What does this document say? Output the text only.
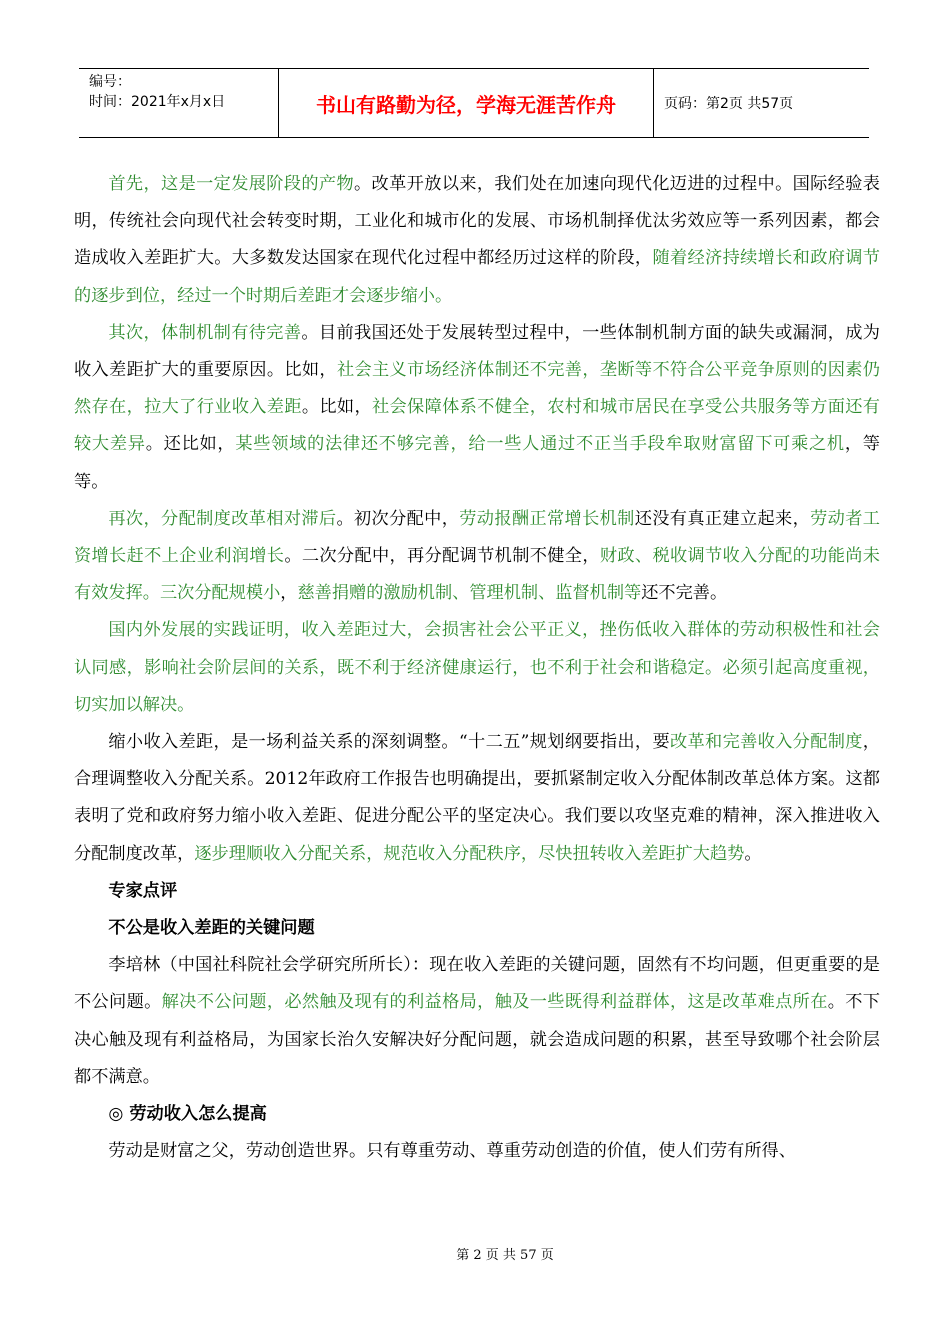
编号：
时间：2021年x月x日	书山有路勤为径，学海无涯苦作舟	页码：第2页 共57页

首先，这是一定发展阶段的产物。改革开放以来，我们处在加速向现代化迈进的过程中。国际经验表明，传统社会向现代社会转变时期，工业化和城市化的发展、市场机制择优汰劣效应等一系列因素，都会造成收入差距扩大。大多数发达国家在现代化过程中都经历过这样的阶段，随着经济持续增长和政府调节的逐步到位，经过一个时期后差距才会逐步缩小。

其次，体制机制有待完善。目前我国还处于发展转型过程中，一些体制机制方面的缺失或漏洞，成为收入差距扩大的重要原因。比如，社会主义市场经济体制还不完善，垄断等不符合公平竞争原则的因素仍然存在，拉大了行业收入差距。比如，社会保障体系不健全，农村和城市居民在享受公共服务等方面还有较大差异。还比如，某些领域的法律还不够完善，给一些人通过不正当手段牟取财富留下可乘之机，等等。

再次，分配制度改革相对滞后。初次分配中，劳动报酬正常增长机制还没有真正建立起来，劳动者工资增长赶不上企业利润增长。二次分配中，再分配调节机制不健全，财政、税收调节收入分配的功能尚未有效发挥。三次分配规模小，慈善捐赠的激励机制、管理机制、监督机制等还不完善。

国内外发展的实践证明，收入差距过大，会损害社会公平正义，挫伤低收入群体的劳动积极性和社会认同感，影响社会阶层间的关系，既不利于经济健康运行，也不利于社会和谐稳定。必须引起高度重视，切实加以解决。

缩小收入差距，是一场利益关系的深刻调整。“十二五”规划纲要指出，要改革和完善收入分配制度，合理调整收入分配关系。2012年政府工作报告也明确提出，要抓紧制定收入分配体制改革总体方案。这都表明了党和政府努力缩小收入差距、促进分配公平的坚定决心。我们要以攻坚克难的精神，深入推进收入分配制度改革，逐步理顺收入分配关系，规范收入分配秩序，尽快扭转收入差距扩大趋势。

专家点评

不公是收入差距的关键问题

李培林（中国社科院社会学研究所所长）：现在收入差距的关键问题，固然有不均问题，但更重要的是不公问题。解决不公问题，必然触及现有的利益格局，触及一些既得利益群体，这是改革难点所在。不下决心触及现有利益格局，为国家长治久安解决好分配问题，就会造成问题的积累，甚至导致哪个社会阶层都不满意。

◎ 劳动收入怎么提高

劳动是财富之父，劳动创造世界。只有尊重劳动、尊重劳动创造的价值，使人们劳有所得、

第 2 页 共 57 页
